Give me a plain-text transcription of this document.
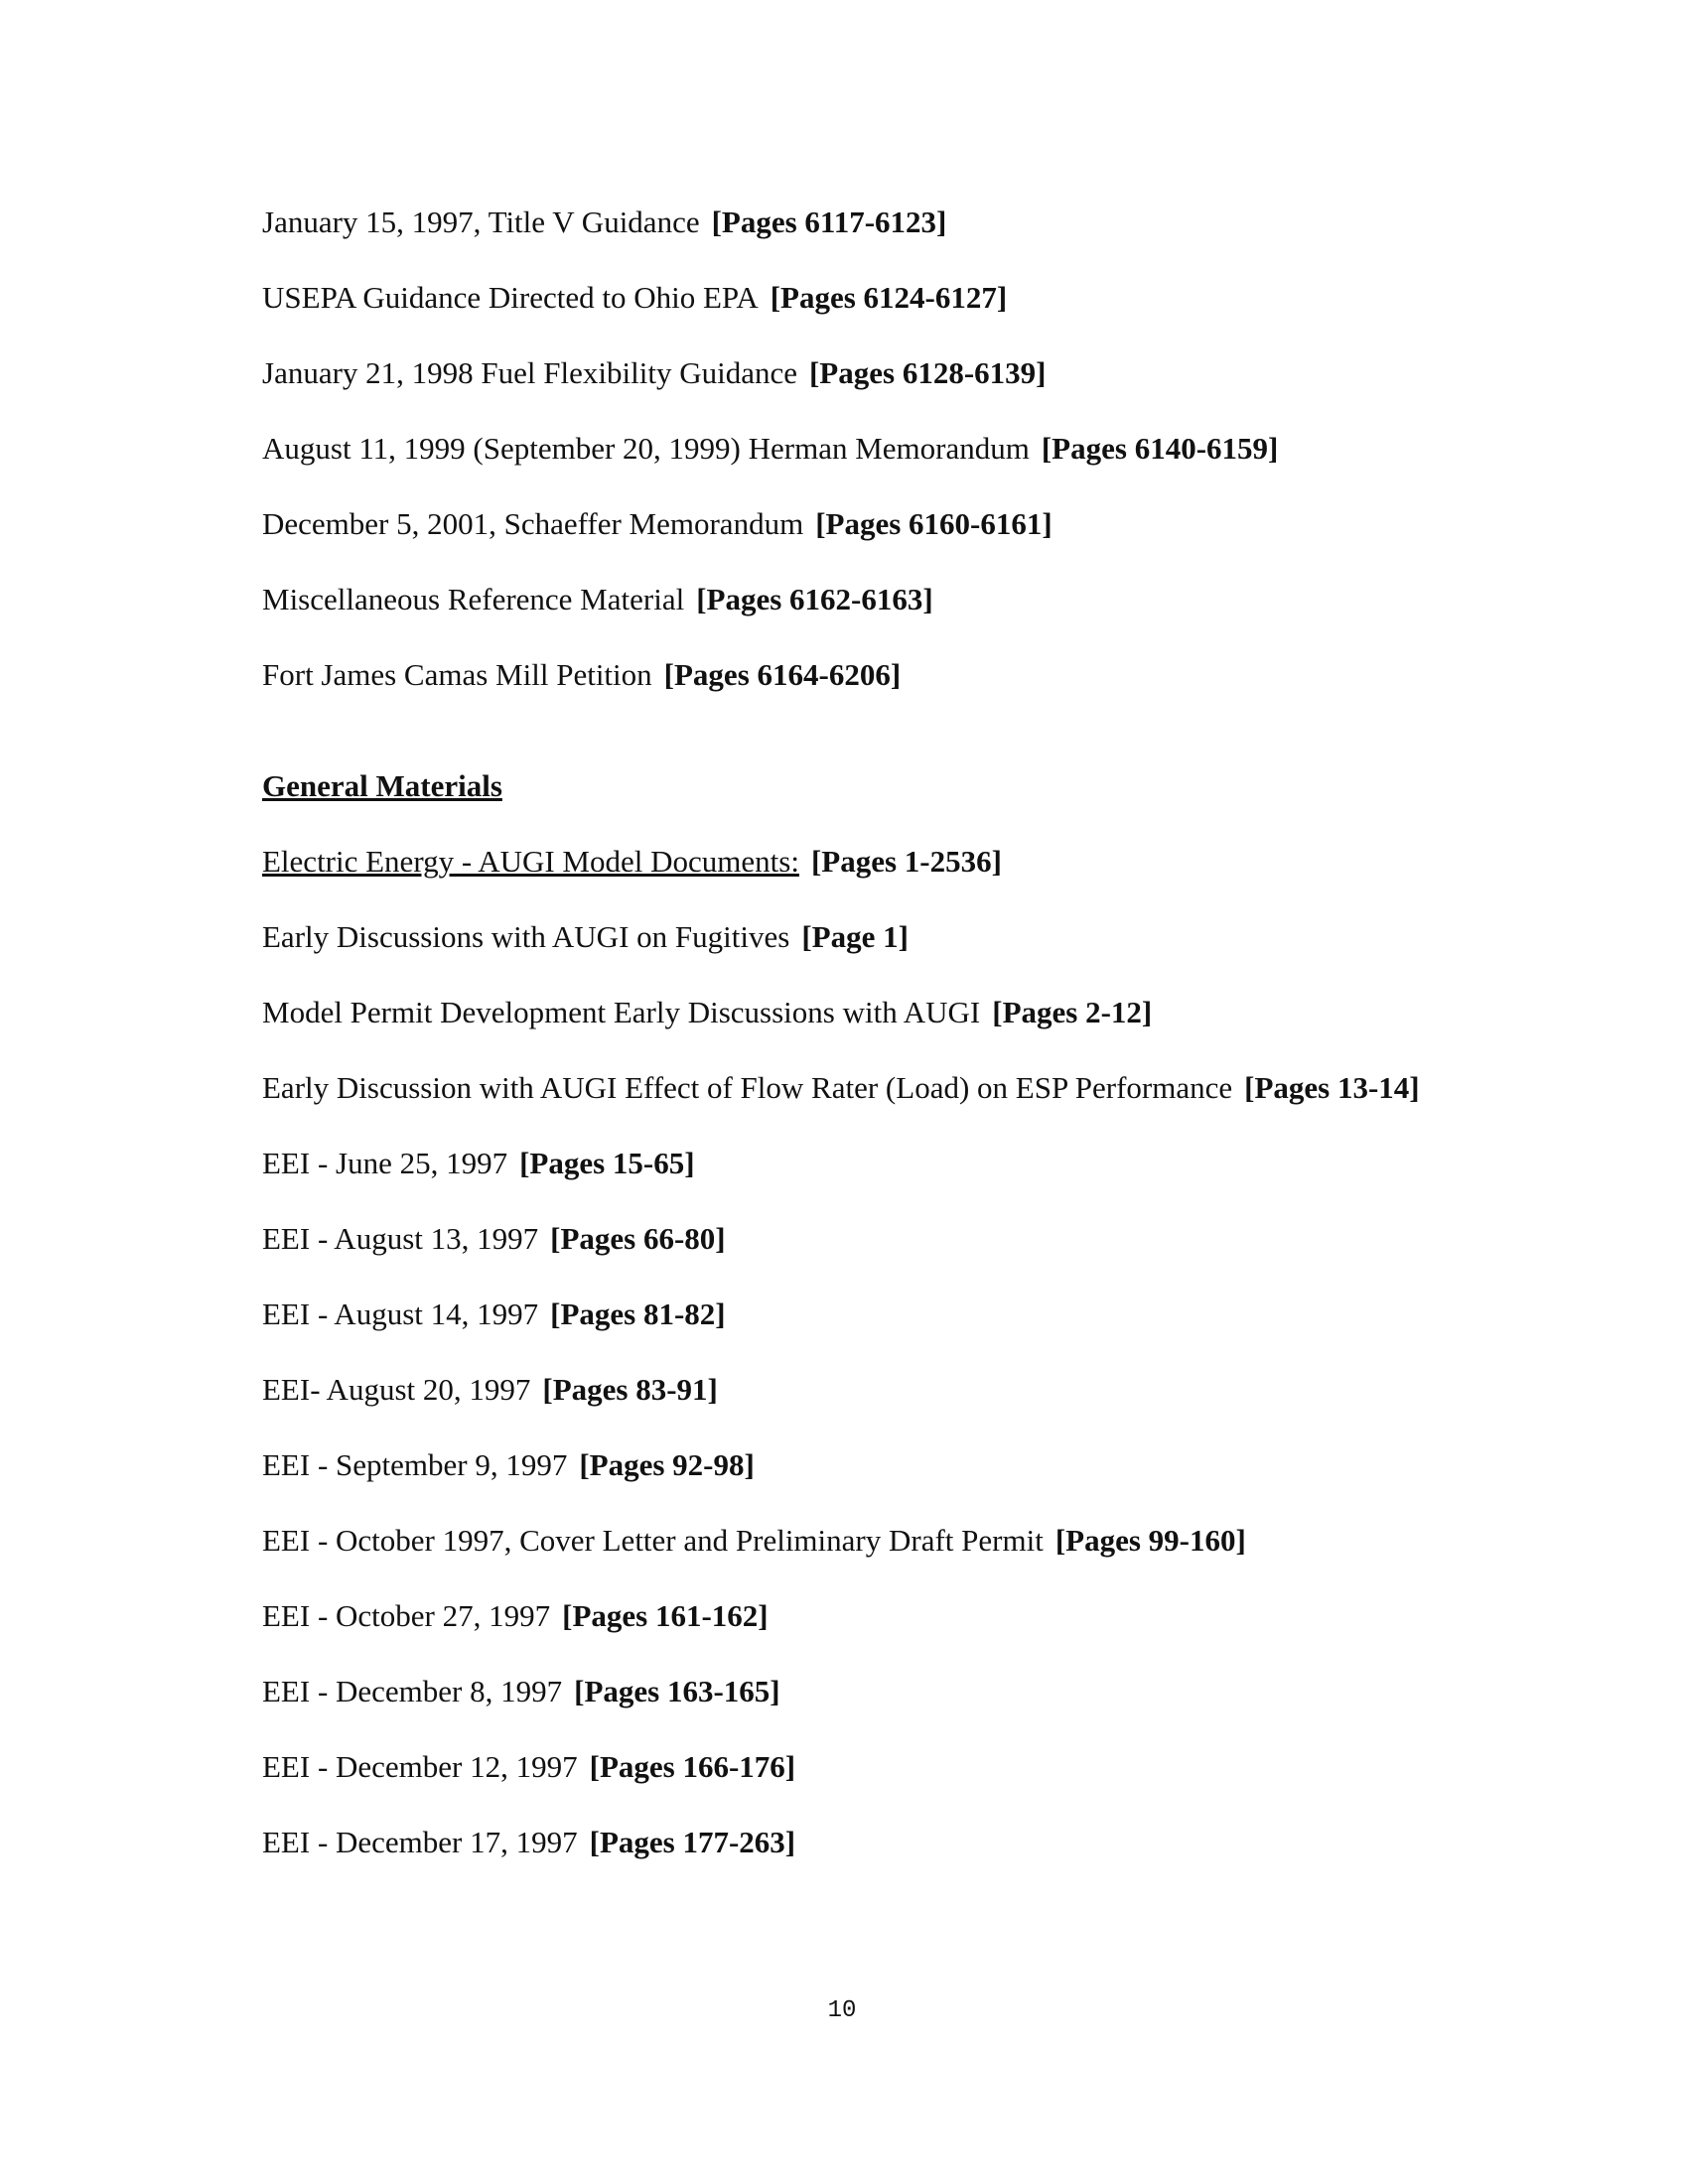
January 15, 1997, Title V Guidance [Pages 6117-6123]
USEPA Guidance Directed to Ohio EPA [Pages 6124-6127]
January 21, 1998 Fuel Flexibility Guidance [Pages 6128-6139]
August 11, 1999 (September 20, 1999) Herman Memorandum [Pages 6140-6159]
December 5, 2001, Schaeffer Memorandum [Pages 6160-6161]
Miscellaneous Reference Material [Pages 6162-6163]
Fort James Camas Mill Petition [Pages 6164-6206]
General Materials
Electric Energy - AUGI Model Documents: [Pages 1-2536]
Early Discussions with AUGI on Fugitives [Page 1]
Model Permit Development Early Discussions with AUGI [Pages 2-12]
Early Discussion with AUGI Effect of Flow Rater (Load) on ESP Performance [Pages 13-14]
EEI - June 25, 1997 [Pages 15-65]
EEI - August 13, 1997 [Pages 66-80]
EEI - August 14, 1997 [Pages 81-82]
EEI- August 20, 1997 [Pages 83-91]
EEI - September 9, 1997 [Pages 92-98]
EEI - October 1997, Cover Letter and Preliminary Draft Permit [Pages 99-160]
EEI - October 27, 1997 [Pages 161-162]
EEI - December 8, 1997 [Pages 163-165]
EEI - December 12, 1997 [Pages 166-176]
EEI - December 17, 1997 [Pages 177-263]
10
